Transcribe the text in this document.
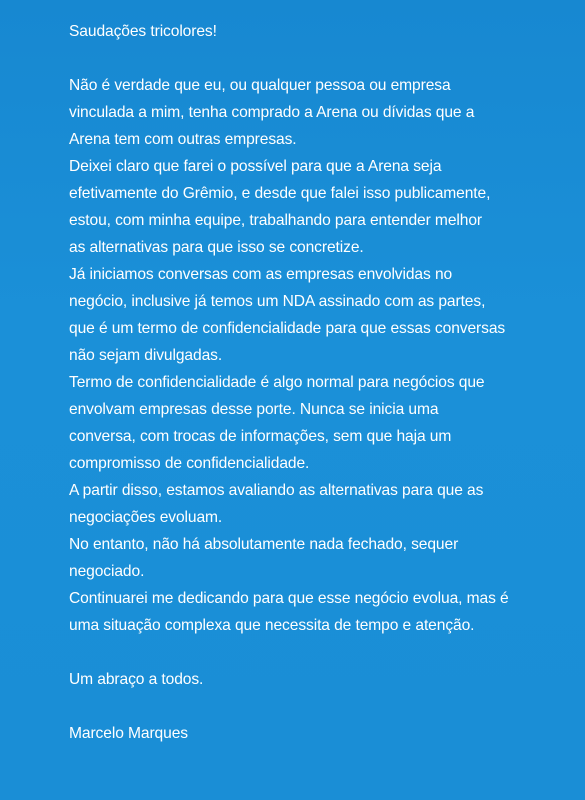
Saudações tricolores!
Não é verdade que eu, ou qualquer pessoa ou empresa
vinculada a mim, tenha comprado a Arena ou dívidas que a
Arena tem com outras empresas.
Deixei claro que farei o possível para que a Arena seja
efetivamente do Grêmio, e desde que falei isso publicamente,
estou, com minha equipe, trabalhando para entender melhor
as alternativas para que isso se concretize.
Já iniciamos conversas com as empresas envolvidas no
negócio, inclusive já temos um NDA assinado com as partes,
que é um termo de confidencialidade para que essas conversas
não sejam divulgadas.
Termo de confidencialidade é algo normal para negócios que
envolvam empresas desse porte. Nunca se inicia uma
conversa, com trocas de informações, sem que haja um
compromisso de confidencialidade.
A partir disso, estamos avaliando as alternativas para que as
negociações evoluam.
No entanto, não há absolutamente nada fechado, sequer
negociado.
Continuarei me dedicando para que esse negócio evolua, mas é
uma situação complexa que necessita de tempo e atenção.
Um abraço a todos.
Marcelo Marques
